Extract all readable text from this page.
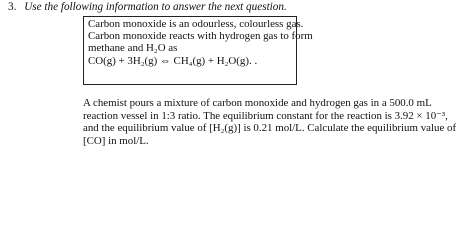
3. Use the following information to answer the next question.
Carbon monoxide is an odourless, colourless gas.
Carbon monoxide reacts with hydrogen gas to form
methane and H₂O as
CO(g) + 3H₂(g) ⇔ CH₄(g) + H₂O(g). .
A chemist pours a mixture of carbon monoxide and hydrogen gas in a 500.0 mL
reaction vessel in 1:3 ratio. The equilibrium constant for the reaction is 3.92 × 10⁻³,
and the equilibrium value of [H₂(g)] is 0.21 mol/L. Calculate the equilibrium value of
[CO] in mol/L.
